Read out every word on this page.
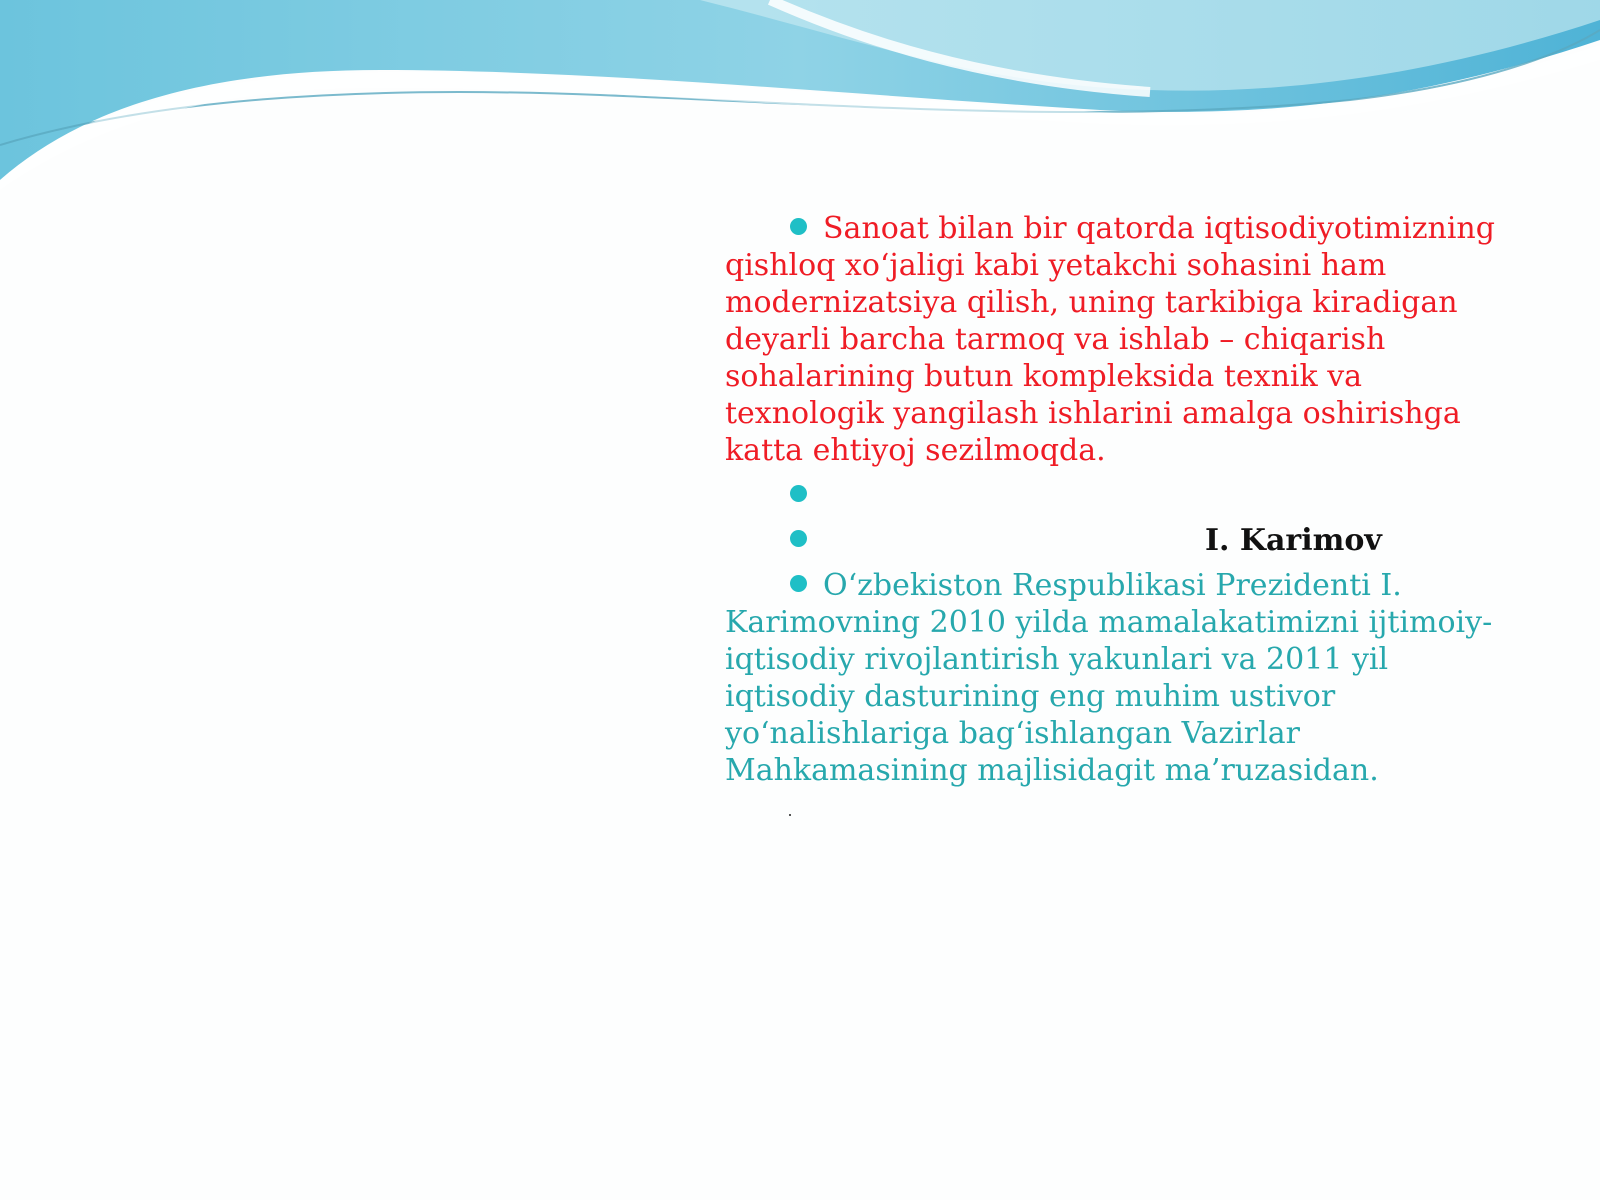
Sanoat bilan bir qatorda iqtisodiyotimizning qishloq xo‘jaligi kabi yetakchi sohasini ham modernizatsiya qilish, uning tarkibiga kiradigan deyarli barcha tarmoq va ishlab – chiqarish sohalarining butun kompleksida texnik va texnologik yangilash ishlarini amalga oshirishga katta ehtiyoj sezilmoqda.

I. Karimov

O‘zbekiston Respublikasi Prezidenti I. Karimovning 2010 yilda mamalakatimizni ijtimoiy-iqtisodiy rivojlantirish yakunlari va 2011 yil iqtisodiy dasturining eng muhim ustivor yo‘nalishlariga bag‘ishlangan Vazirlar Mahkamasining majlisidagit ma’ruzasidan.
